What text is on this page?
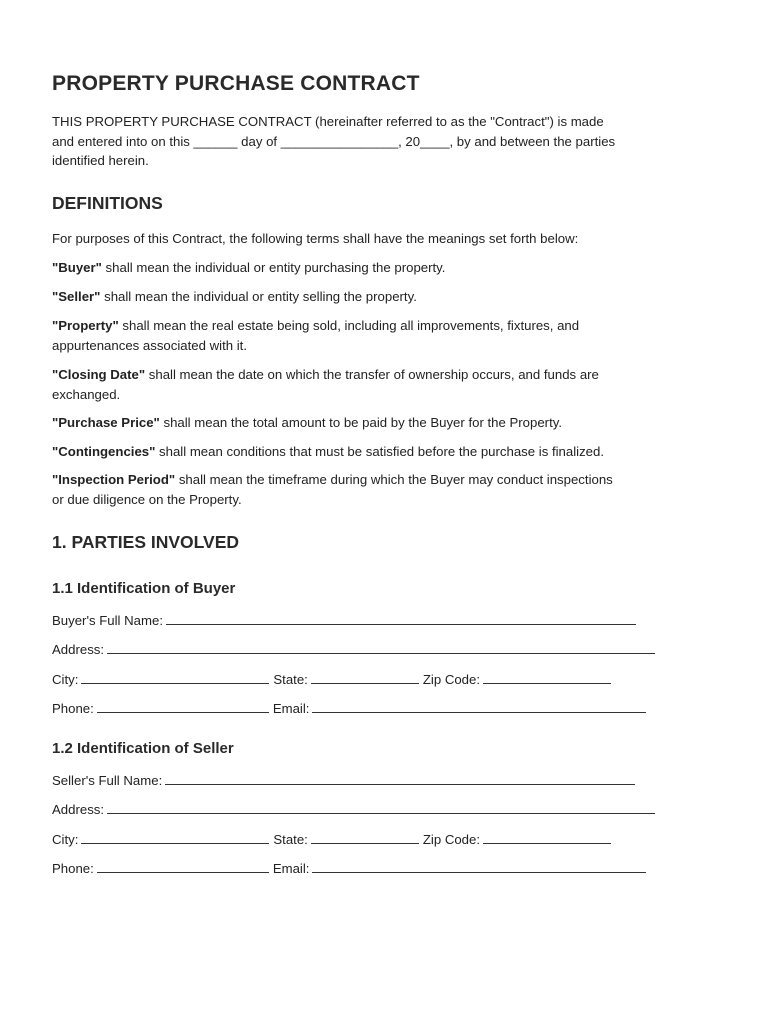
PROPERTY PURCHASE CONTRACT
THIS PROPERTY PURCHASE CONTRACT (hereinafter referred to as the "Contract") is made
and entered into on this ______ day of ________________, 20____, by and between the parties
identified herein.
DEFINITIONS

For purposes of this Contract, the following terms shall have the meanings set forth below:

"Buyer" shall mean the individual or entity purchasing the property.

"Seller" shall mean the individual or entity selling the property.

"Property" shall mean the real estate being sold, including all improvements, fixtures, and
appurtenances associated with it.

"Closing Date" shall mean the date on which the transfer of ownership occurs, and funds are
exchanged.

"Purchase Price" shall mean the total amount to be paid by the Buyer for the Property.

"Contingencies" shall mean conditions that must be satisfied before the purchase is finalized.

"Inspection Period" shall mean the timeframe during which the Buyer may conduct inspections
or due diligence on the Property.

1. PARTIES INVOLVED
1.1 Identification of Buyer
Buyer's Full Name:
Address:
City:	State:	Zip Code:
Phone:	Email:
1.2 Identification of Seller
Seller's Full Name:
Address:
City:	State:	Zip Code:
Phone:	Email:
